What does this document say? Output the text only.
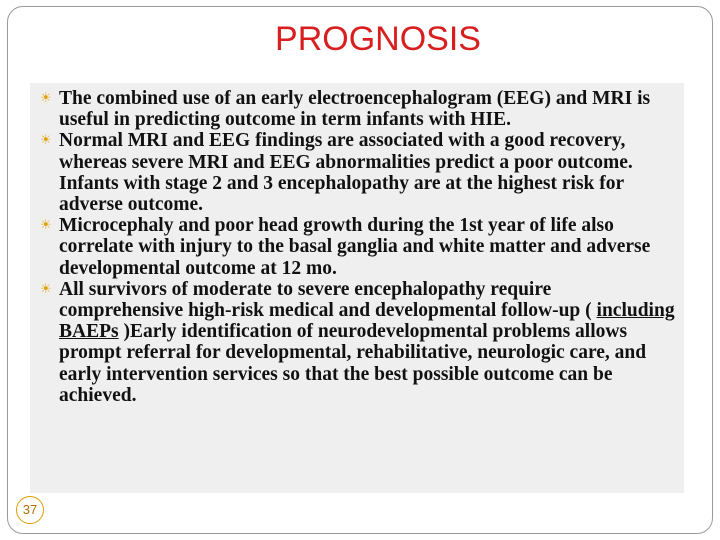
PROGNOSIS

☀ The combined use of an early electroencephalogram (EEG) and MRI is useful in predicting outcome in term infants with HIE.

☀ Normal MRI and EEG findings are associated with a good recovery, whereas severe MRI and EEG abnormalities predict a poor outcome. Infants with stage 2 and 3 encephalopathy are at the highest risk for adverse outcome.

☀ Microcephaly and poor head growth during the 1st year of life also correlate with injury to the basal ganglia and white matter and adverse developmental outcome at 12 mo.

☀ All survivors of moderate to severe encephalopathy require comprehensive high-risk medical and developmental follow-up ( including BAEPs )Early identification of neurodevelopmental problems allows prompt referral for developmental, rehabilitative, neurologic care, and early intervention services so that the best possible outcome can be achieved.

37
